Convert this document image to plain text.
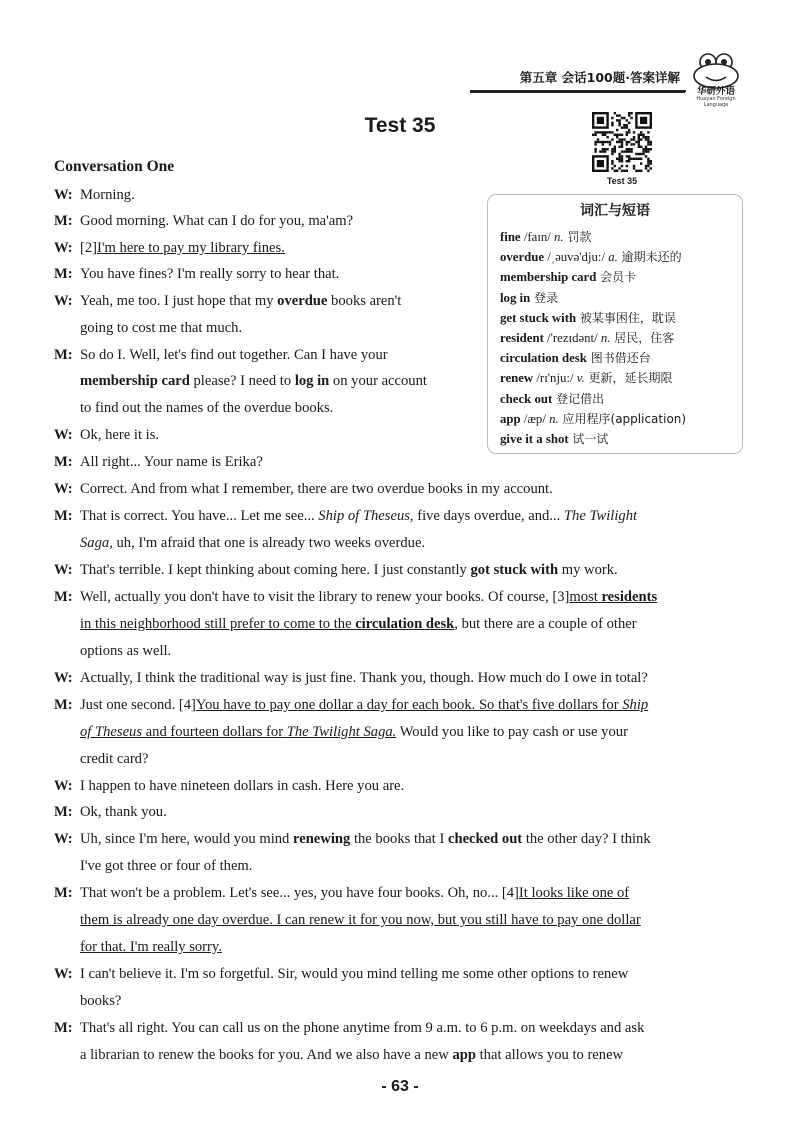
第五章 会话100题·答案详解
华研外语
Huayan Foreign Language
Test 35
Test 35
Conversation One
词汇与短语
fine /faɪn/ n. 罚款
overdue /ˌəuvə'dju:/ a. 逾期未还的
membership card 会员卡
log in 登录
get stuck with 被某事困住，耽误
resident /'rezɪdənt/ n. 居民，住客
circulation desk 图书借还台
renew /rɪ'nju:/ v. 更新，延长期限
check out 登记借出
app /æp/ n. 应用程序(application)
give it a shot 试一试
W: Morning.
M: Good morning. What can I do for you, ma'am?
W: [2]I'm here to pay my library fines.
M: You have fines? I'm really sorry to hear that.
W: Yeah, me too. I just hope that my overdue books aren't
going to cost me that much.
M: So do I. Well, let's find out together. Can I have your
membership card please? I need to log in on your account
to find out the names of the overdue books.
W: Ok, here it is.
M: All right... Your name is Erika?
W: Correct. And from what I remember, there are two overdue books in my account.
M: That is correct. You have... Let me see... Ship of Theseus, five days overdue, and... The Twilight
Saga, uh, I'm afraid that one is already two weeks overdue.
W: That's terrible. I kept thinking about coming here. I just constantly got stuck with my work.
M: Well, actually you don't have to visit the library to renew your books. Of course, [3]most residents
in this neighborhood still prefer to come to the circulation desk, but there are a couple of other
options as well.
W: Actually, I think the traditional way is just fine. Thank you, though. How much do I owe in total?
M: Just one second. [4]You have to pay one dollar a day for each book. So that's five dollars for Ship
of Theseus and fourteen dollars for The Twilight Saga. Would you like to pay cash or use your
credit card?
W: I happen to have nineteen dollars in cash. Here you are.
M: Ok, thank you.
W: Uh, since I'm here, would you mind renewing the books that I checked out the other day? I think
I've got three or four of them.
M: That won't be a problem. Let's see... yes, you have four books. Oh, no... [4]It looks like one of
them is already one day overdue. I can renew it for you now, but you still have to pay one dollar
for that. I'm really sorry.
W: I can't believe it. I'm so forgetful. Sir, would you mind telling me some other options to renew
books?
M: That's all right. You can call us on the phone anytime from 9 a.m. to 6 p.m. on weekdays and ask
a librarian to renew the books for you. And we also have a new app that allows you to renew
- 63 -
